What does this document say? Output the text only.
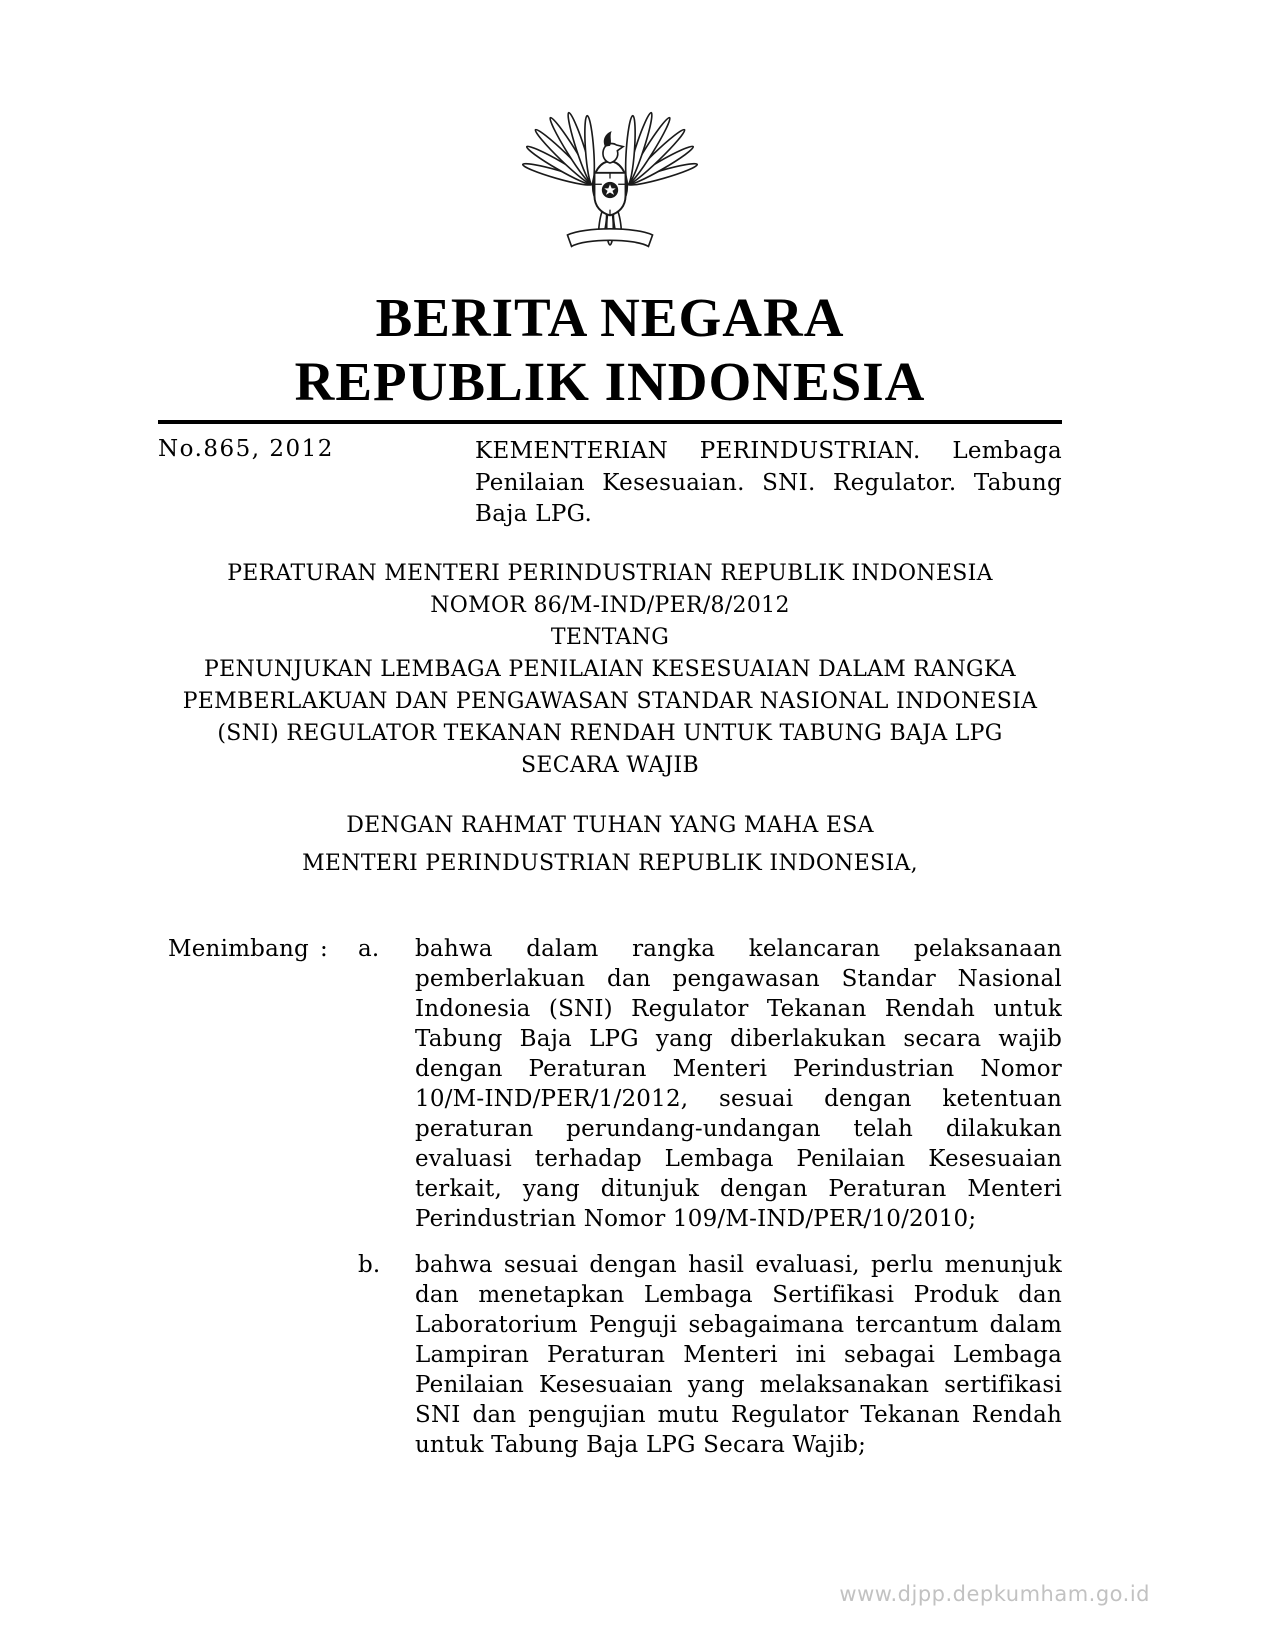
BERITA NEGARA
REPUBLIK INDONESIA
No.865, 2012	KEMENTERIAN PERINDUSTRIAN. Lembaga Penilaian Kesesuaian. SNI. Regulator. Tabung Baja LPG.
PERATURAN MENTERI PERINDUSTRIAN REPUBLIK INDONESIA
NOMOR 86/M-IND/PER/8/2012
TENTANG
PENUNJUKAN LEMBAGA PENILAIAN KESESUAIAN DALAM RANGKA
PEMBERLAKUAN DAN PENGAWASAN STANDAR NASIONAL INDONESIA
(SNI) REGULATOR TEKANAN RENDAH UNTUK TABUNG BAJA LPG
SECARA WAJIB
DENGAN RAHMAT TUHAN YANG MAHA ESA
MENTERI PERINDUSTRIAN REPUBLIK INDONESIA,
Menimbang :	a.	bahwa dalam rangka kelancaran pelaksanaan pemberlakuan dan pengawasan Standar Nasional Indonesia (SNI) Regulator Tekanan Rendah untuk Tabung Baja LPG yang diberlakukan secara wajib dengan Peraturan Menteri Perindustrian Nomor 10/M-IND/PER/1/2012, sesuai dengan ketentuan peraturan perundang-undangan telah dilakukan evaluasi terhadap Lembaga Penilaian Kesesuaian terkait, yang ditunjuk dengan Peraturan Menteri Perindustrian Nomor 109/M-IND/PER/10/2010;
b.	bahwa sesuai dengan hasil evaluasi, perlu menunjuk dan menetapkan Lembaga Sertifikasi Produk dan Laboratorium Penguji sebagaimana tercantum dalam Lampiran Peraturan Menteri ini sebagai Lembaga Penilaian Kesesuaian yang melaksanakan sertifikasi SNI dan pengujian mutu Regulator Tekanan Rendah untuk Tabung Baja LPG Secara Wajib;
www.djpp.depkumham.go.id
